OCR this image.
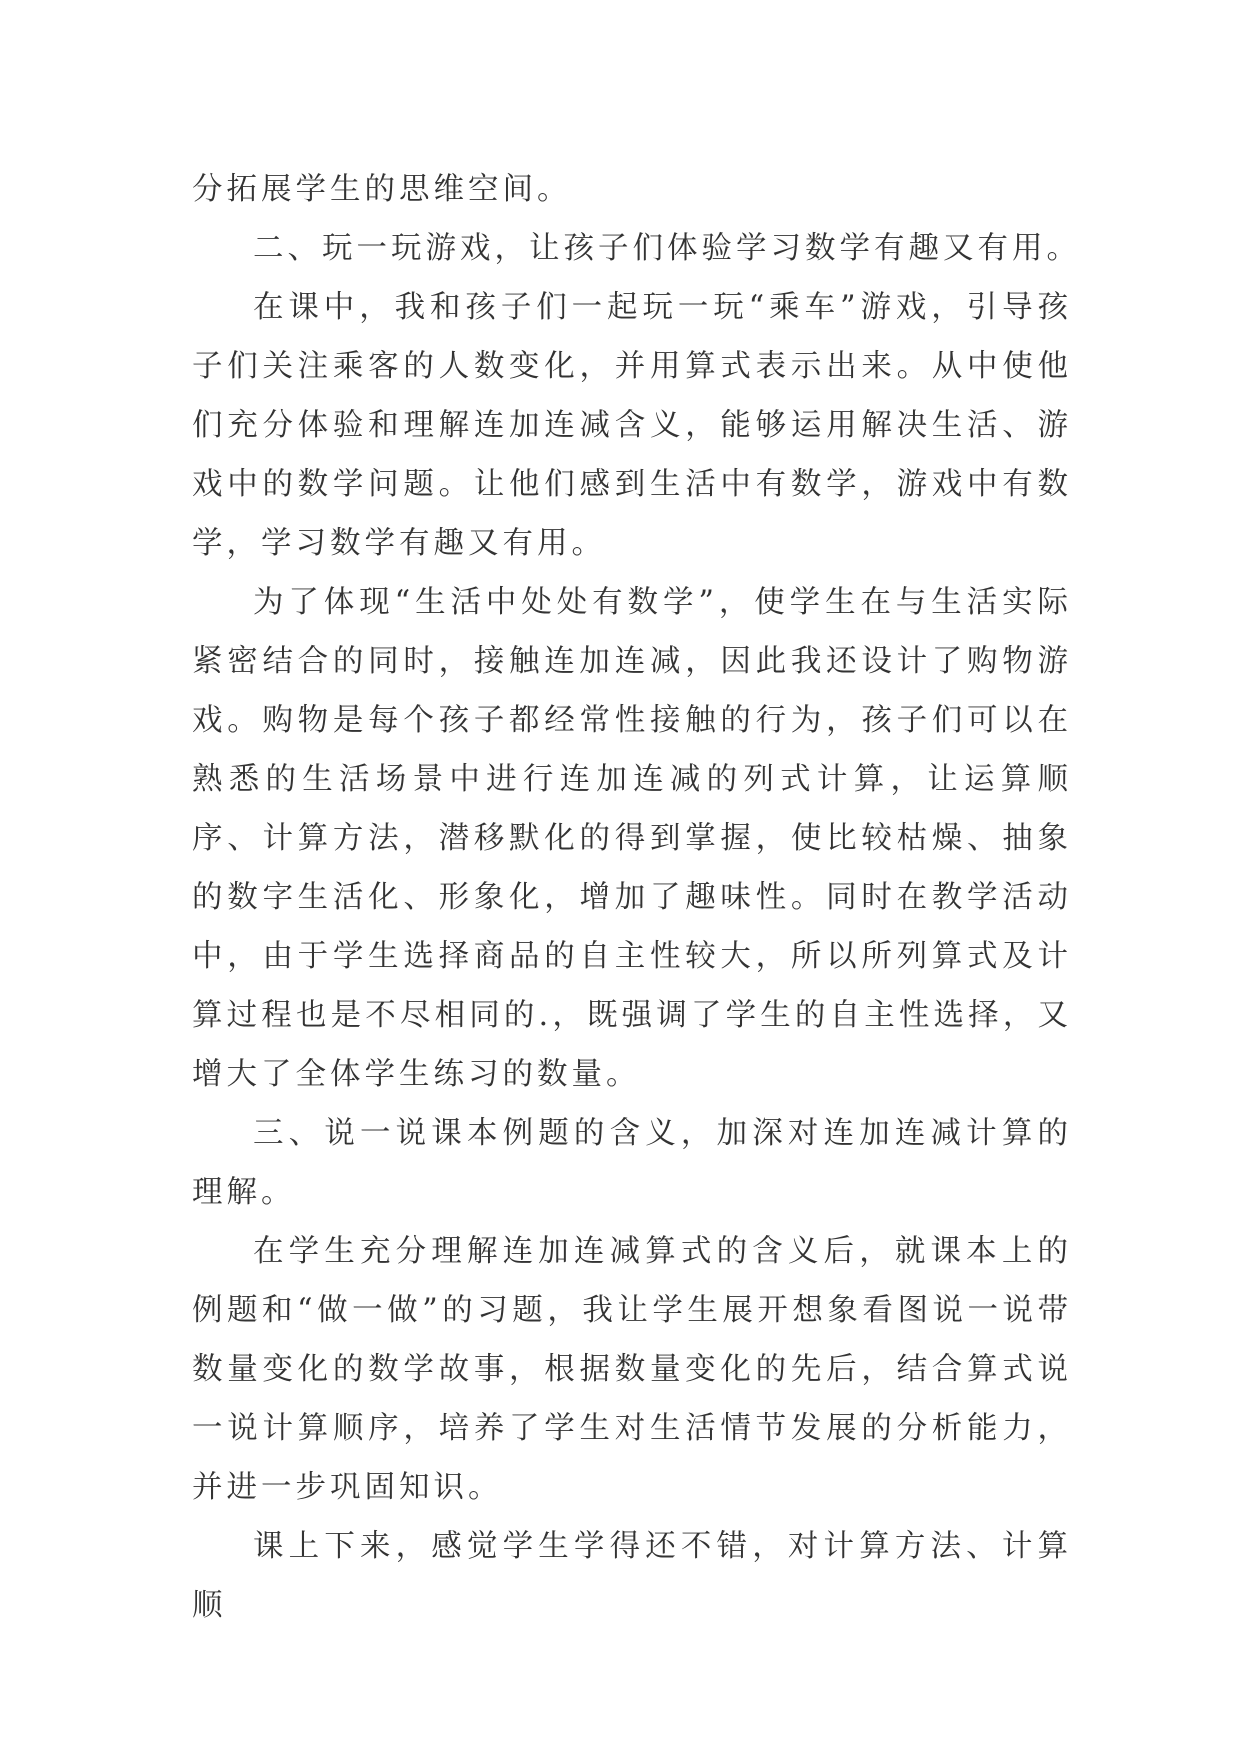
分拓展学生的思维空间。

二、玩一玩游戏，让孩子们体验学习数学有趣又有用。

在课中，我和孩子们一起玩一玩“乘车”游戏，引导孩子们关注乘客的人数变化，并用算式表示出来。从中使他们充分体验和理解连加连减含义，能够运用解决生活、游戏中的数学问题。让他们感到生活中有数学，游戏中有数学，学习数学有趣又有用。

为了体现“生活中处处有数学”，使学生在与生活实际紧密结合的同时，接触连加连减，因此我还设计了购物游戏。购物是每个孩子都经常性接触的行为，孩子们可以在熟悉的生活场景中进行连加连减的列式计算，让运算顺序、计算方法，潜移默化的得到掌握，使比较枯燥、抽象的数字生活化、形象化，增加了趣味性。同时在教学活动中，由于学生选择商品的自主性较大，所以所列算式及计算过程也是不尽相同的.，既强调了学生的自主性选择，又增大了全体学生练习的数量。

三、说一说课本例题的含义，加深对连加连减计算的理解。

在学生充分理解连加连减算式的含义后，就课本上的例题和“做一做”的习题，我让学生展开想象看图说一说带数量变化的数学故事，根据数量变化的先后，结合算式说一说计算顺序，培养了学生对生活情节发展的分析能力，并进一步巩固知识。

课上下来，感觉学生学得还不错，对计算方法、计算顺
